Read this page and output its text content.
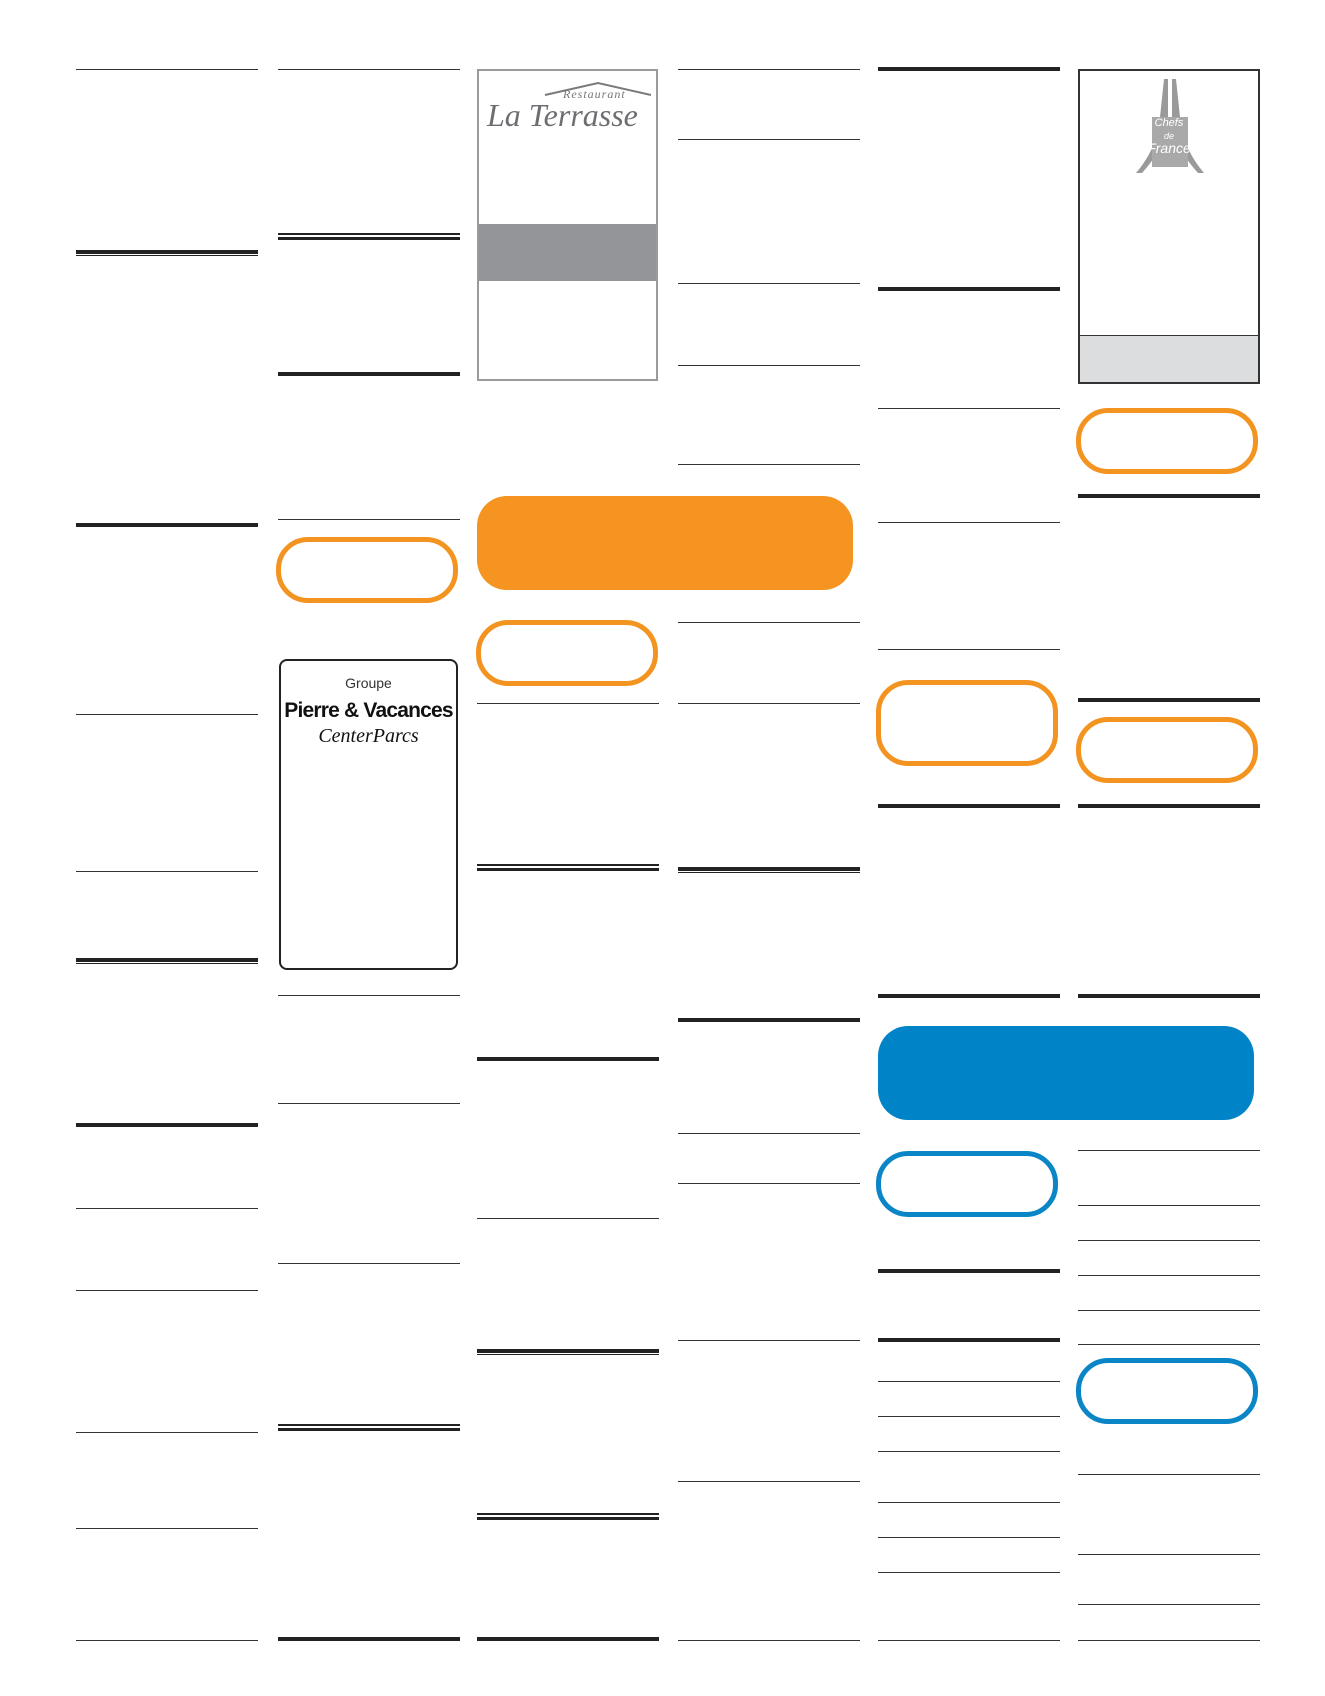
Groupe
Pierre & Vacances
CenterParcs
Restaurant
La Terrasse	Chefs
de
France
